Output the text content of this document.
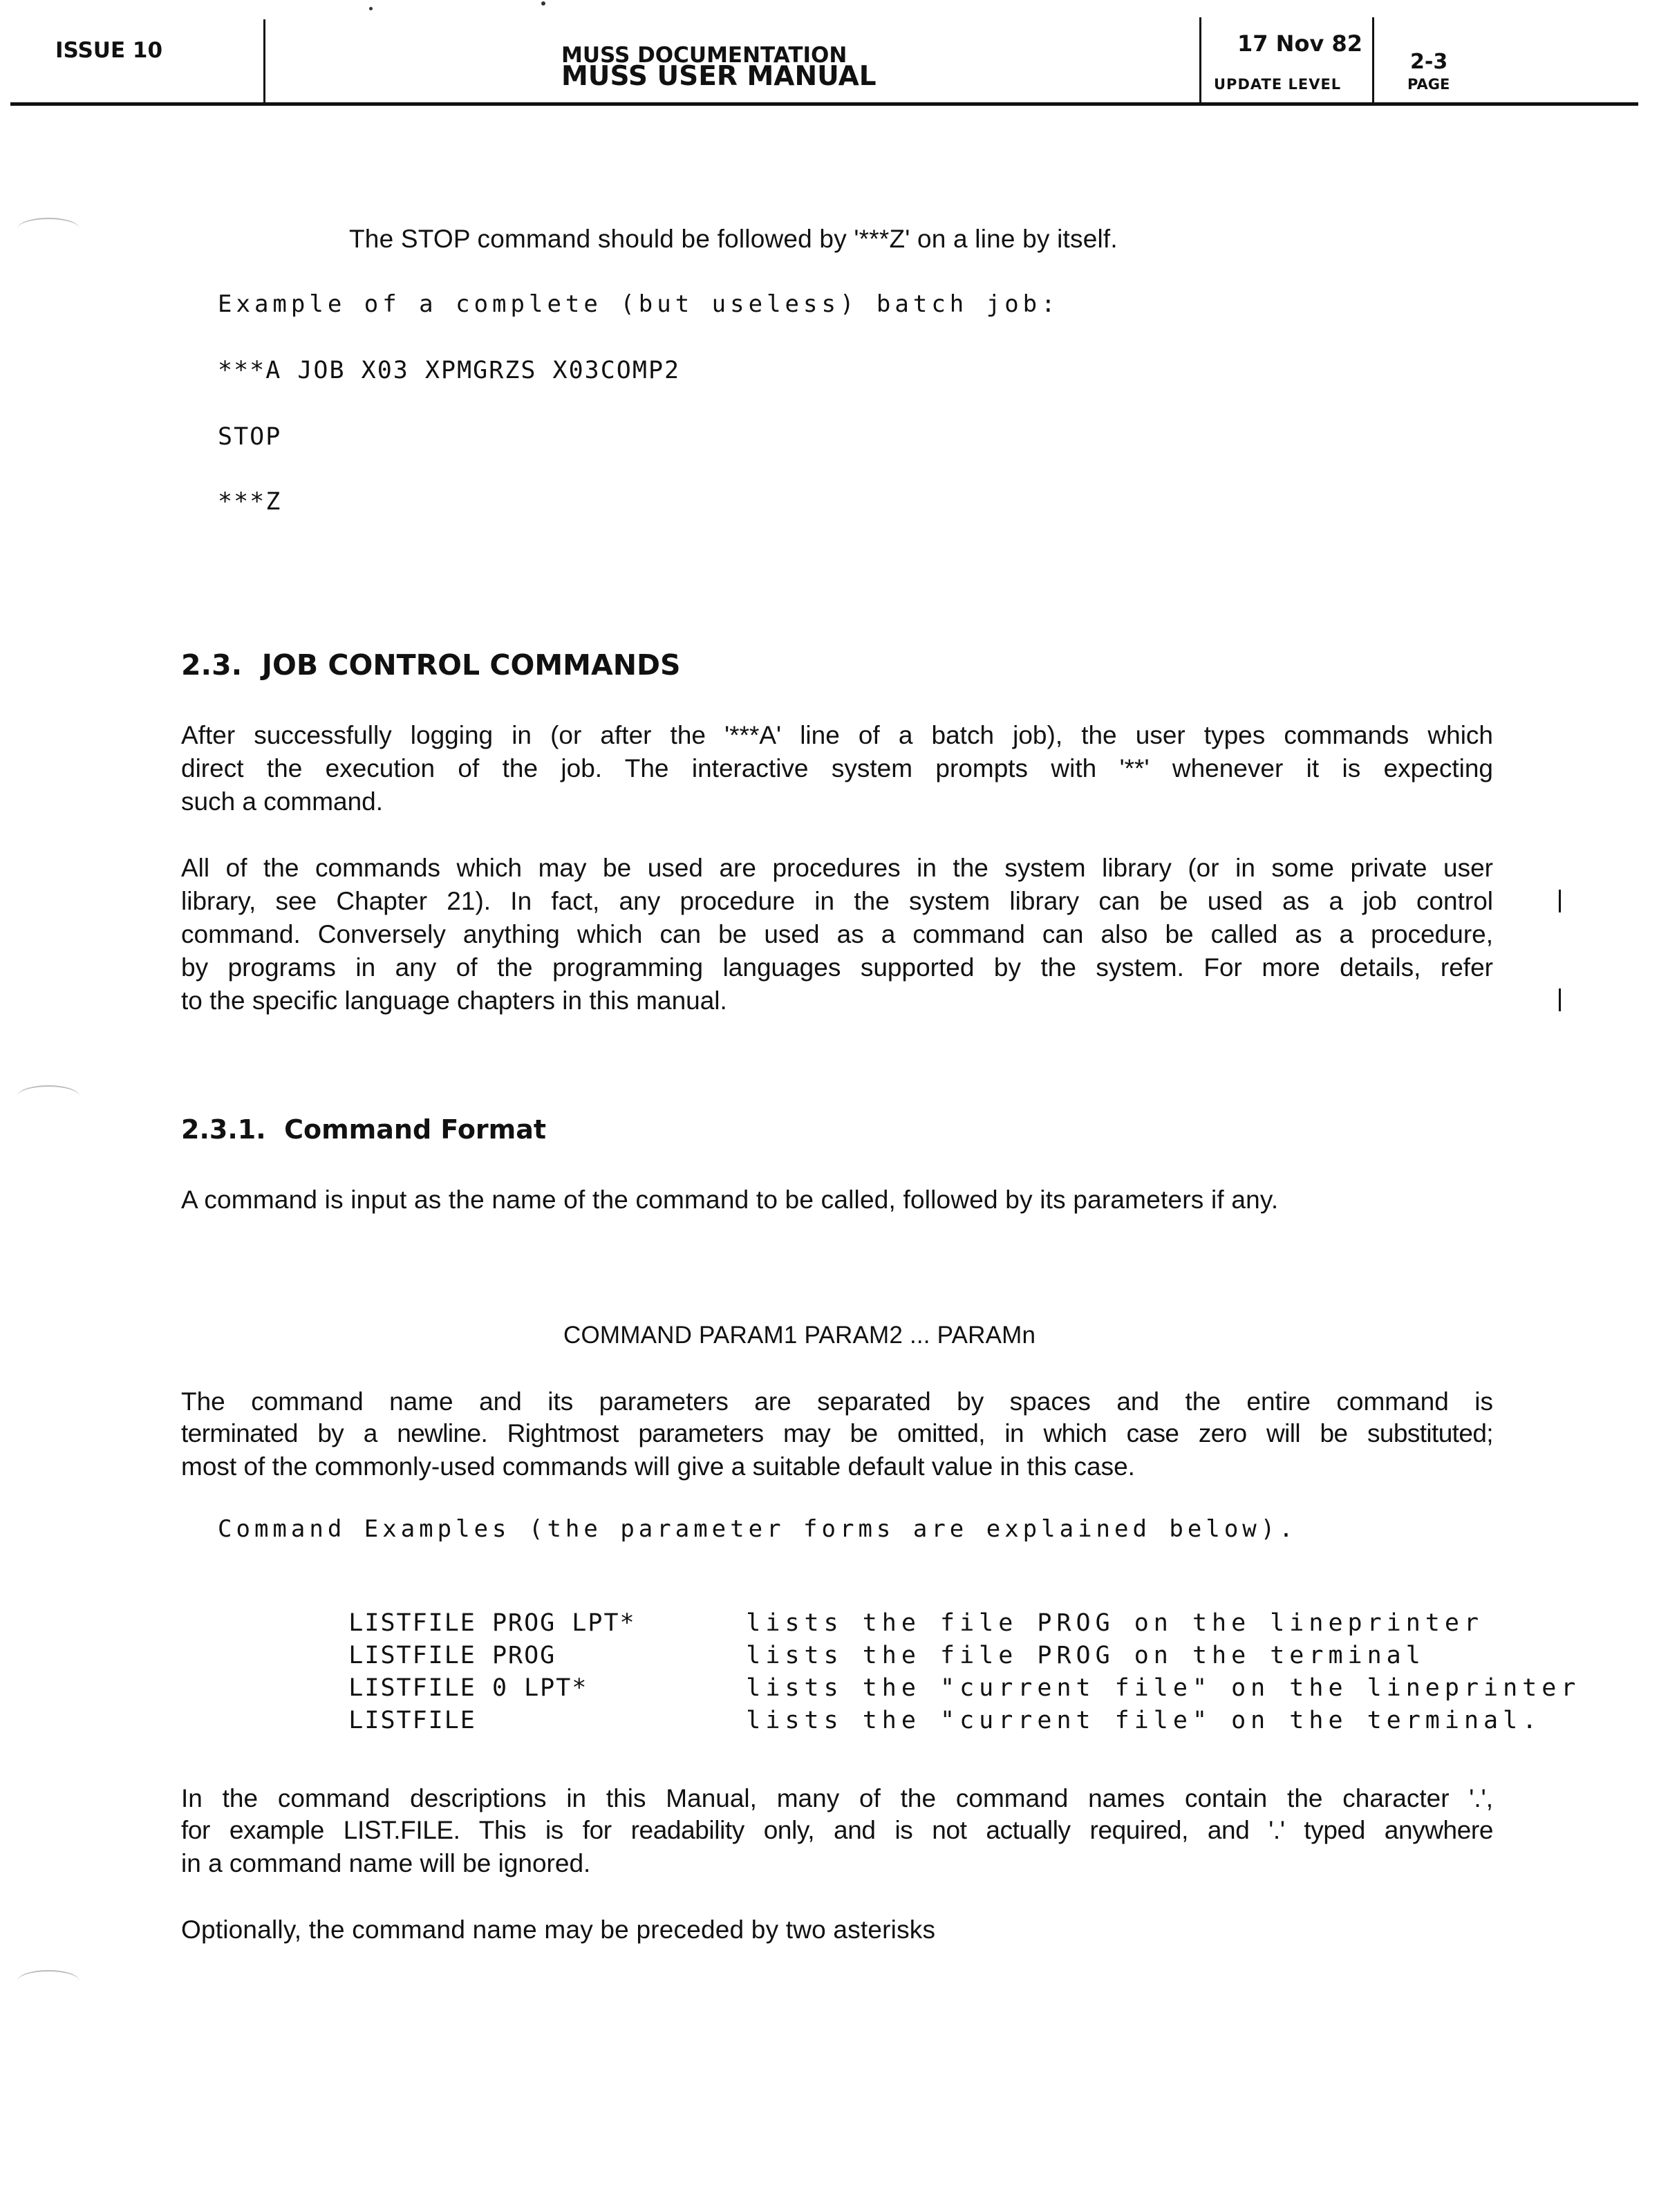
ISSUE 10	MUSS DOCUMENTATION
MUSS USER MANUAL
17 Nov 82
UPDATE LEVEL
2-3
PAGE
The STOP command should be followed by '***Z' on a line by itself.
Example of a complete (but useless) batch job:
***A JOB X03 XPMGRZS X03COMP2
STOP
***Z
2.3.  JOB CONTROL COMMANDS
After successfully logging in (or after the '***A' line of a batch job), the user types commands which
direct the execution of the job. The interactive system prompts with '**' whenever it is expecting
such a command.
All of the commands which may be used are procedures in the system library (or in some private user
library, see Chapter 21). In fact, any procedure in the system library can be used as a job control
command. Conversely anything which can be used as a command can also be called as a procedure,
by programs in any of the programming languages supported by the system. For more details, refer
to the specific language chapters in this manual.
2.3.1.  Command Format
A command is input as the name of the command to be called, followed by its parameters if any.
COMMAND PARAM1 PARAM2 ... PARAMn
The command name and its parameters are separated by spaces and the entire command is
terminated by a newline. Rightmost parameters may be omitted, in which case zero will be substituted;
most of the commonly-used commands will give a suitable default value in this case.
Command Examples (the parameter forms are explained below).

LISTFILE PROG LPT*	lists the file PROG on the lineprinter

LISTFILE PROG	lists the file PROG on the terminal

LISTFILE 0 LPT*	lists the "current file" on the lineprinter

LISTFILE	lists the "current file" on the terminal.

In the command descriptions in this Manual, many of the command names contain the character '.',
for example LIST.FILE. This is for readability only, and is not actually required, and '.' typed anywhere
in a command name will be ignored.
Optionally, the command name may be preceded by two asterisks
